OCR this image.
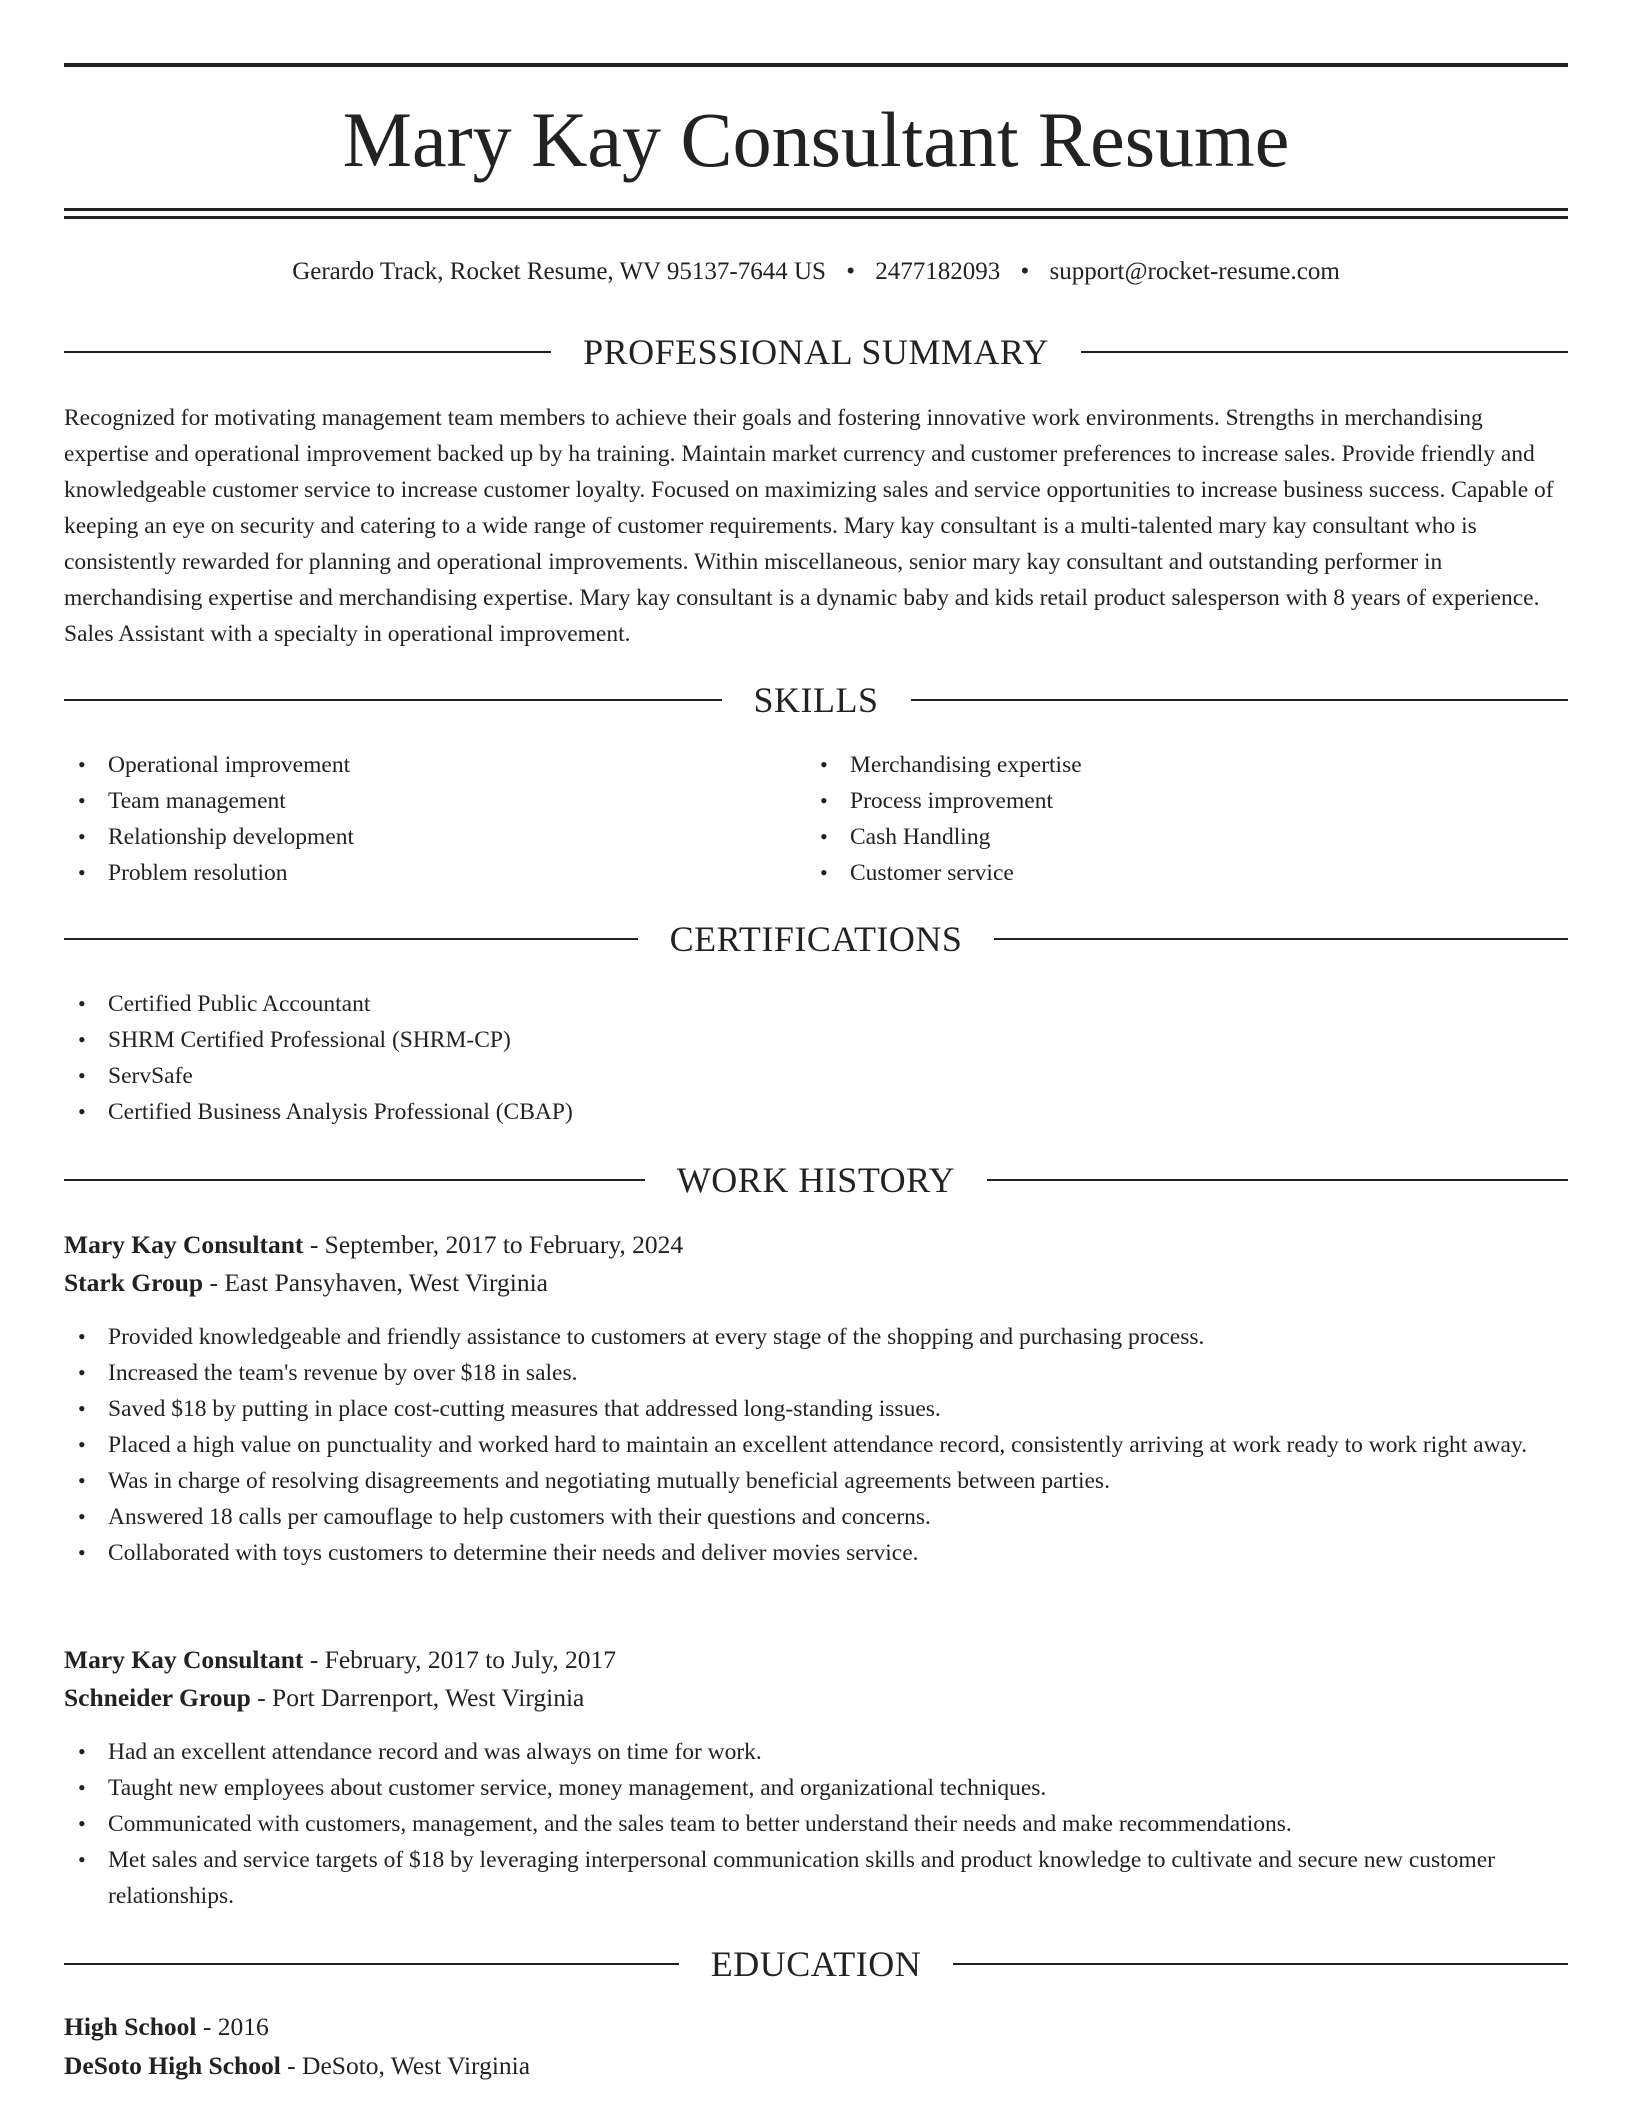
Mary Kay Consultant Resume
Gerardo Track, Rocket Resume, WV 95137-7644 US • 2477182093 • support@rocket-resume.com
PROFESSIONAL SUMMARY

Recognized for motivating management team members to achieve their goals and fostering innovative work environments. Strengths in merchandising expertise and operational improvement backed up by ha training. Maintain market currency and customer preferences to increase sales. Provide friendly and knowledgeable customer service to increase customer loyalty. Focused on maximizing sales and service opportunities to increase business success. Capable of keeping an eye on security and catering to a wide range of customer requirements. Mary kay consultant is a multi-talented mary kay consultant who is consistently rewarded for planning and operational improvements. Within miscellaneous, senior mary kay consultant and outstanding performer in merchandising expertise and merchandising expertise. Mary kay consultant is a dynamic baby and kids retail product salesperson with 8 years of experience. Sales Assistant with a specialty in operational improvement.

SKILLS
• Operational improvement
• Team management
• Relationship development
• Problem resolution
• Merchandising expertise
• Process improvement
• Cash Handling
• Customer service
CERTIFICATIONS
• Certified Public Accountant
• SHRM Certified Professional (SHRM-CP)
• ServSafe
• Certified Business Analysis Professional (CBAP)
WORK HISTORY
Mary Kay Consultant - September, 2017 to February, 2024
Stark Group - East Pansyhaven, West Virginia
• Provided knowledgeable and friendly assistance to customers at every stage of the shopping and purchasing process.
• Increased the team's revenue by over $18 in sales.
• Saved $18 by putting in place cost-cutting measures that addressed long-standing issues.
• Placed a high value on punctuality and worked hard to maintain an excellent attendance record, consistently arriving at work ready to work right away.
• Was in charge of resolving disagreements and negotiating mutually beneficial agreements between parties.
• Answered 18 calls per camouflage to help customers with their questions and concerns.
• Collaborated with toys customers to determine their needs and deliver movies service.
Mary Kay Consultant - February, 2017 to July, 2017
Schneider Group - Port Darrenport, West Virginia
• Had an excellent attendance record and was always on time for work.
• Taught new employees about customer service, money management, and organizational techniques.
• Communicated with customers, management, and the sales team to better understand their needs and make recommendations.
• Met sales and service targets of $18 by leveraging interpersonal communication skills and product knowledge to cultivate and secure new customer relationships.
EDUCATION
High School - 2016
DeSoto High School - DeSoto, West Virginia
